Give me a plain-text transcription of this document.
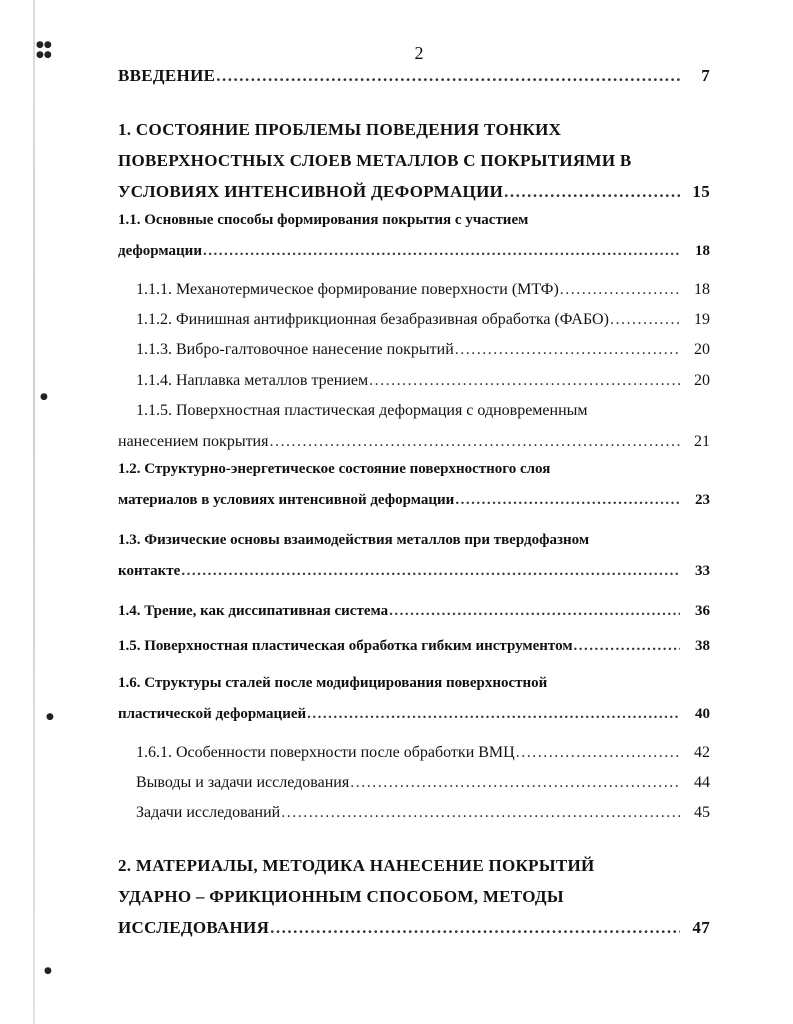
●●
●●
●
●
●
2
ВВЕДЕНИЕ .....	7
1. СОСТОЯНИЕ ПРОБЛЕМЫ ПОВЕДЕНИЯ ТОНКИХ
ПОВЕРХНОСТНЫХ СЛОЕВ МЕТАЛЛОВ С ПОКРЫТИЯМИ В
УСЛОВИЯХ ИНТЕНСИВНОЙ ДЕФОРМАЦИИ .....	15
1.1. Основные способы формирования покрытия с участием
деформации .....	18
1.1.1. Механотермическое формирование поверхности (МТФ) .....	18
1.1.2. Финишная антифрикционная безабразивная обработка (ФАБО) .....	19
1.1.3. Вибро-галтовочное нанесение покрытий .....	20
1.1.4. Наплавка металлов трением .....	20
1.1.5. Поверхностная пластическая деформация с одновременным
нанесением покрытия .....	21
1.2. Структурно-энергетическое состояние поверхностного слоя
материалов в условиях интенсивной деформации .....	23
1.3. Физические основы взаимодействия металлов при твердофазном
контакте .....	33
1.4. Трение, как диссипативная система .....	36
1.5. Поверхностная пластическая обработка гибким инструментом .....	38
1.6. Структуры сталей после модифицирования поверхностной
пластической деформацией .....	40
1.6.1. Особенности поверхности после обработки ВМЦ .....	42
Выводы и задачи исследования .....	44
Задачи исследований .....	45
2. МАТЕРИАЛЫ, МЕТОДИКА НАНЕСЕНИЕ ПОКРЫТИЙ
УДАРНО – ФРИКЦИОННЫМ СПОСОБОМ, МЕТОДЫ
ИССЛЕДОВАНИЯ .....	47
